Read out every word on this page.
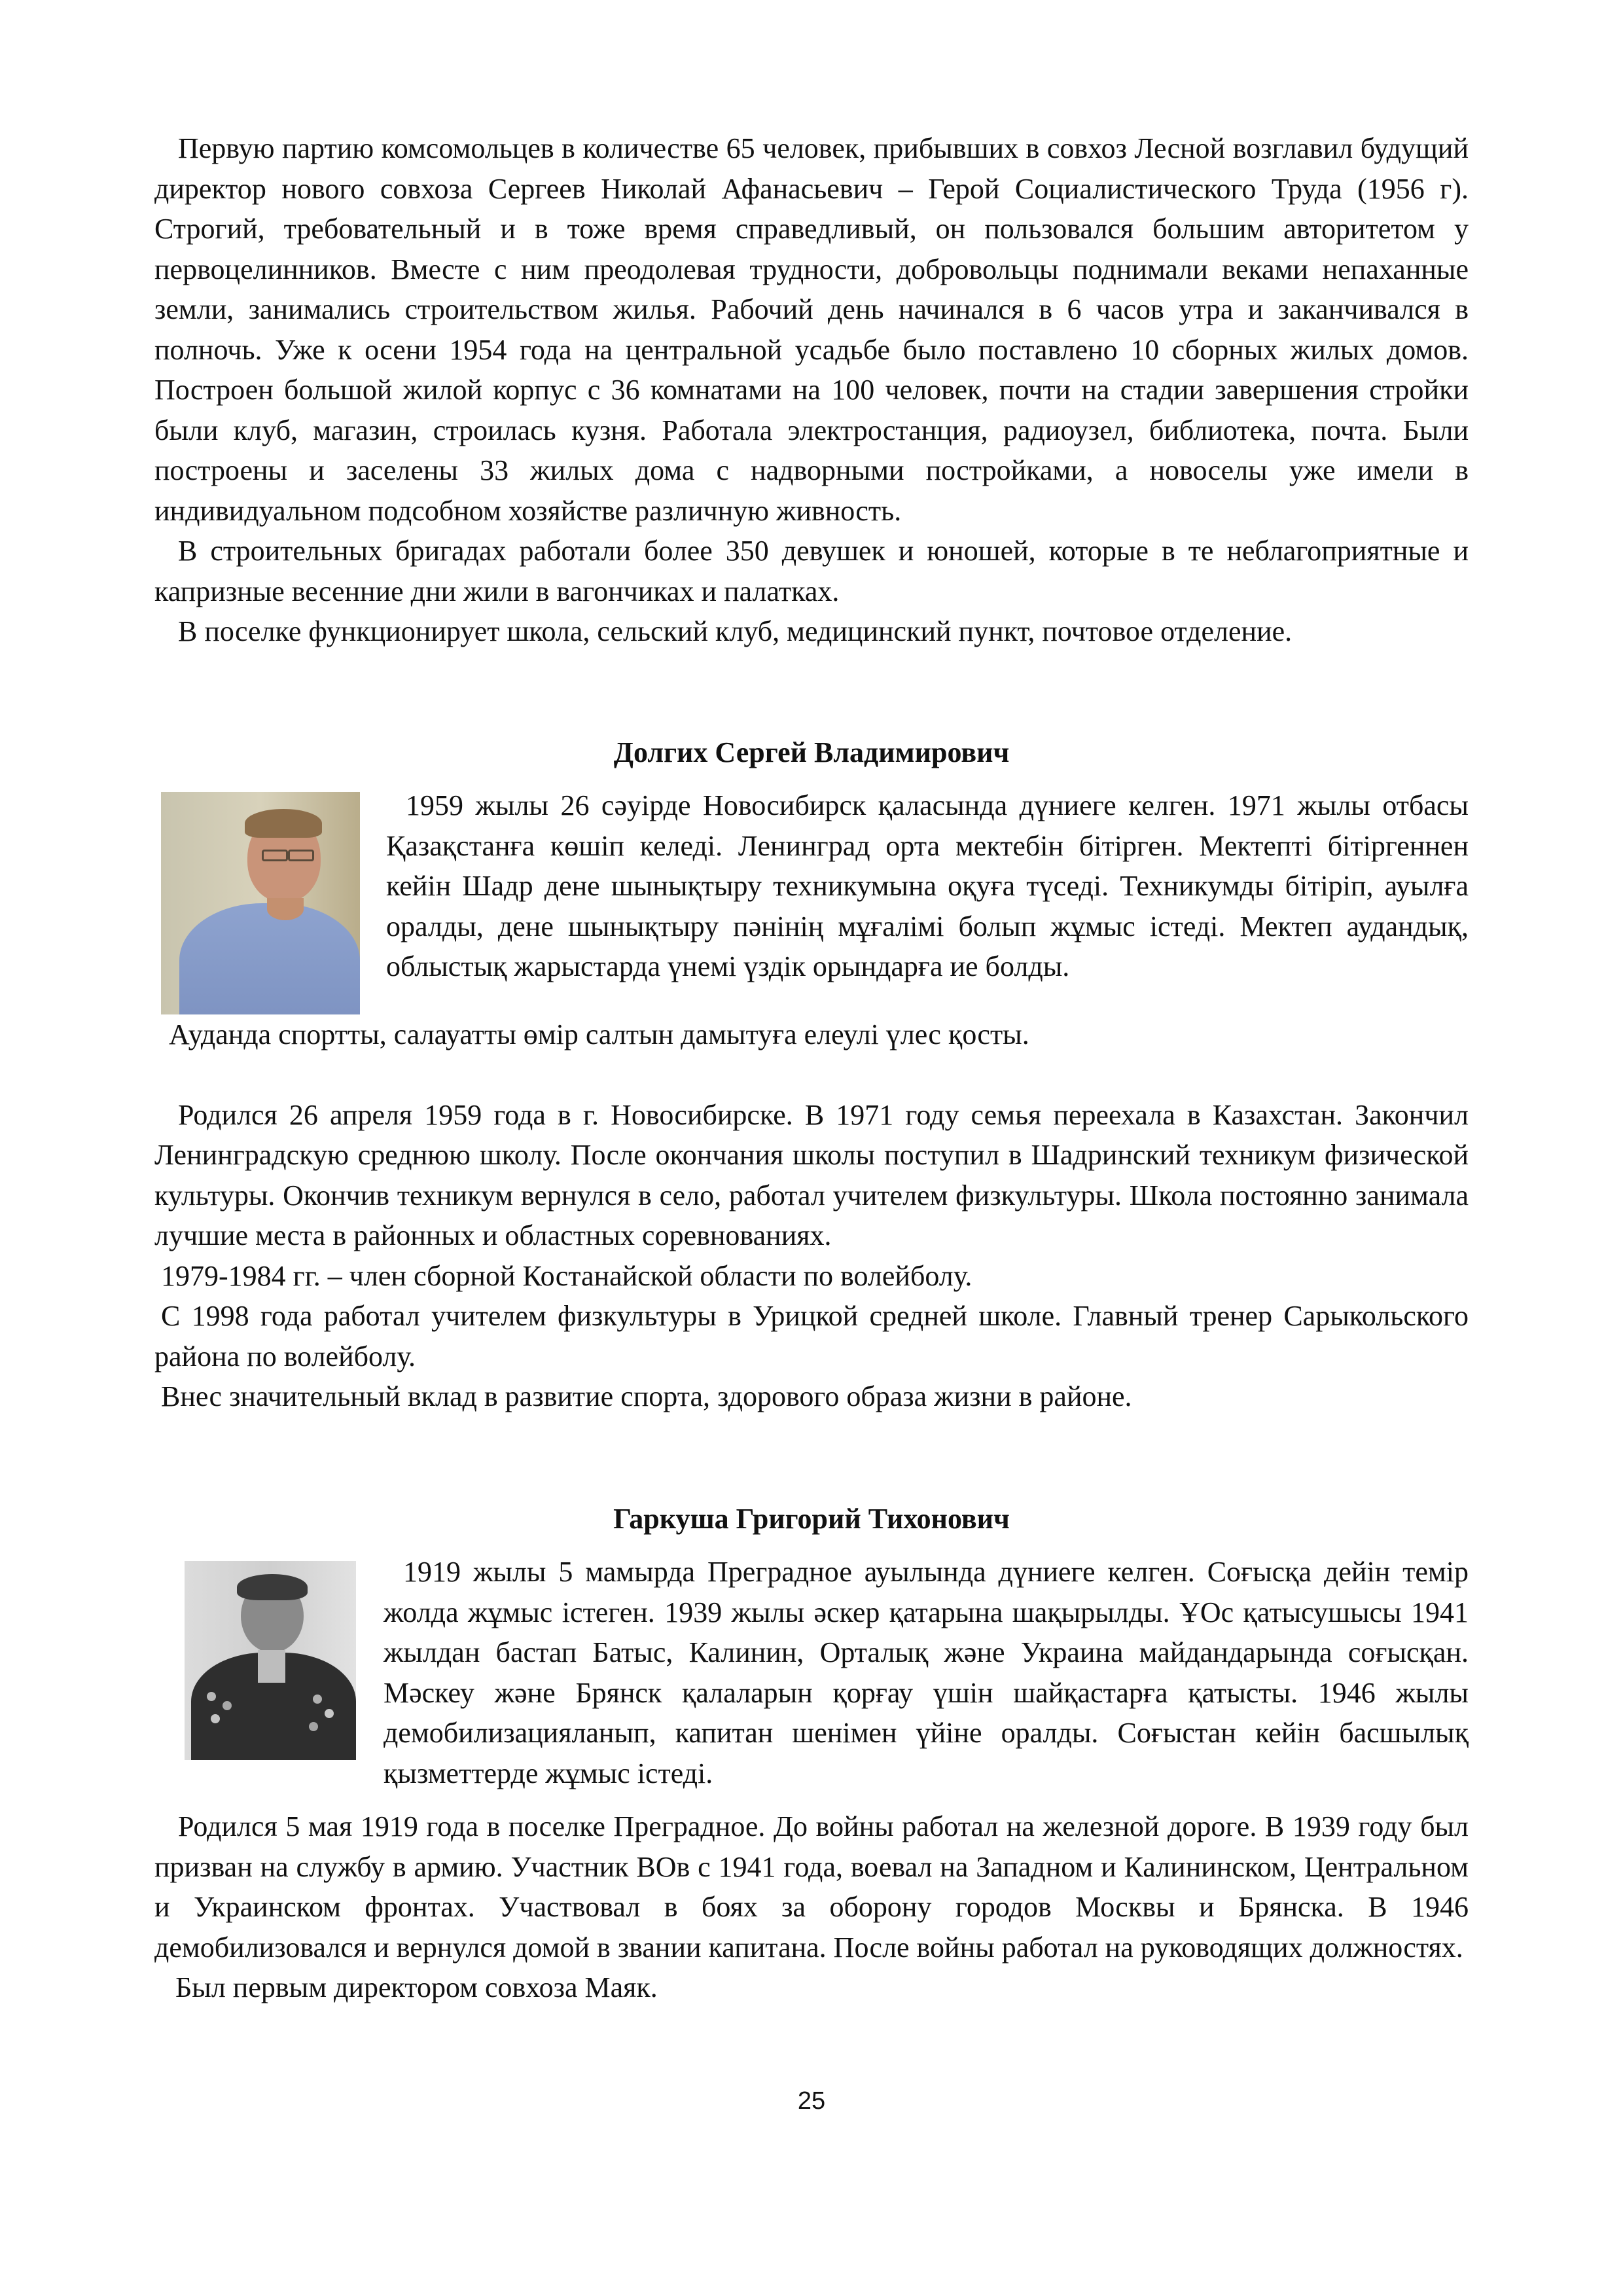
Первую партию комсомольцев в количестве 65 человек, прибывших в совхоз Лесной возглавил будущий директор нового совхоза Сергеев Николай Афанасьевич – Герой Социалистического Труда (1956 г). Строгий, требовательный и в тоже время справедливый, он пользовался большим авторитетом у первоцелинников. Вместе с ним преодолевая трудности, добровольцы поднимали веками непаханные земли, занимались строительством жилья. Рабочий день начинался в 6 часов утра и заканчивался в полночь. Уже к осени 1954 года на центральной усадьбе было поставлено 10 сборных жилых домов. Построен большой жилой корпус с 36 комнатами на 100 человек, почти на стадии завершения стройки были клуб, магазин, строилась кузня. Работала электростанция, радиоузел, библиотека, почта. Были построены и заселены 33 жилых дома с надворными постройками, а новоселы уже имели в индивидуальном подсобном хозяйстве различную живность.

В строительных бригадах работали более 350 девушек и юношей, которые в те неблагоприятные и капризные весенние дни жили в вагончиках и палатках.

В поселке функционирует школа, сельский клуб, медицинский пункт, почтовое отделение.

Долгих Сергей Владимирович

1959 жылы 26 сәуірде Новосибирск қаласында дүниеге келген. 1971 жылы отбасы Қазақстанға көшіп келеді. Ленинград орта мектебін бітірген. Мектепті бітіргеннен кейін Шадр дене шынықтыру техникумына оқуға түседі. Техникумды бітіріп, ауылға оралды, дене шынықтыру пәнінің мұғалімі болып жұмыс істеді. Мектеп аудандық, облыстық жарыстарда үнемі үздік орындарға ие болды.

Ауданда спортты, салауатты өмір салтын дамытуға елеулі үлес қосты.

Родился 26 апреля 1959 года в г. Новосибирске. В 1971 году семья переехала в Казахстан. Закончил Ленинградскую среднюю школу. После окончания школы поступил в Шадринский техникум физической культуры. Окончив техникум вернулся в село, работал учителем физкультуры. Школа постоянно занимала лучшие места в районных и областных соревнованиях.

1979-1984 гг. – член сборной Костанайской области по волейболу.

С 1998 года работал учителем физкультуры в Урицкой средней школе. Главный тренер Сарыкольского района по волейболу.

Внес значительный вклад в развитие спорта, здорового образа жизни в районе.

Гаркуша Григорий Тихонович

1919 жылы 5 мамырда Преградное ауылында дүниеге келген. Соғысқа дейін темір жолда жұмыс істеген. 1939 жылы әскер қатарына шақырылды. ҰОс қатысушысы 1941 жылдан бастап Батыс, Калинин, Орталық және Украина майдандарында соғысқан. Мәскеу және Брянск қалаларын қорғау үшін шайқастарға қатысты. 1946 жылы демобилизацияланып, капитан шенімен үйіне оралды. Соғыстан кейін басшылық қызметтерде жұмыс істеді.

Родился 5 мая 1919 года в поселке Преградное. До войны работал на железной дороге. В 1939 году был призван на службу в армию. Участник ВОв с 1941 года, воевал на Западном и Калининском, Центральном и Украинском фронтах. Участвовал в боях за оборону городов Москвы и Брянска. В 1946 демобилизовался и вернулся домой в звании капитана. После войны работал на руководящих должностях.

Был первым директором совхоза Маяк.

25
